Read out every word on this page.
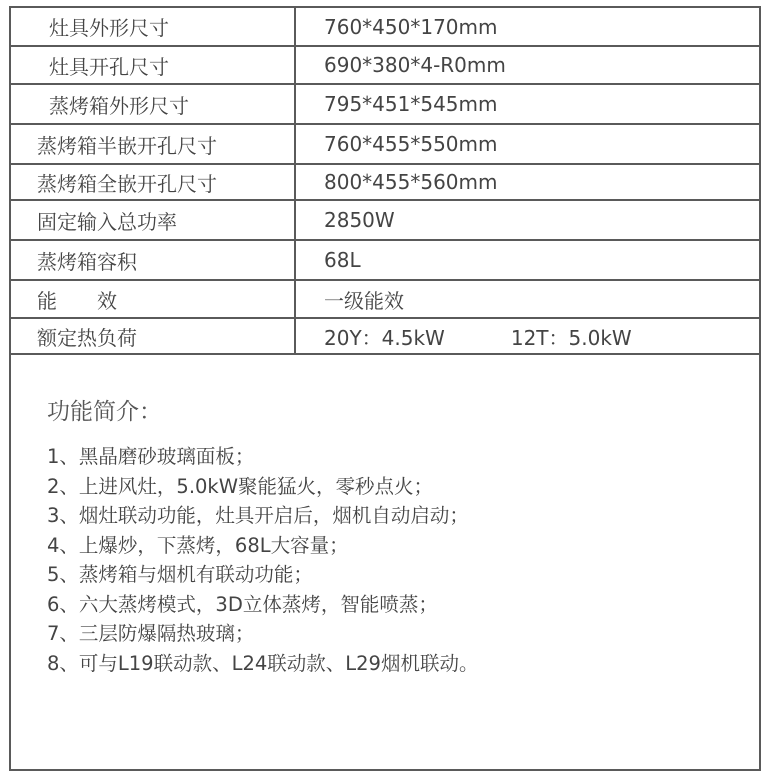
灶具外形尺寸	760*450*170mm
灶具开孔尺寸	690*380*4-R0mm
蒸烤箱外形尺寸	795*451*545mm
蒸烤箱半嵌开孔尺寸	760*455*550mm
蒸烤箱全嵌开孔尺寸	800*455*560mm
固定输入总功率	2850W
蒸烤箱容积	68L
能　　效	一级能效
额定热负荷	20Y：4.5kW 12T：5.0kW
功能简介：
1、黑晶磨砂玻璃面板；
2、上进风灶，5.0kW聚能猛火，零秒点火；
3、烟灶联动功能，灶具开启后，烟机自动启动；
4、上爆炒，下蒸烤，68L大容量；
5、蒸烤箱与烟机有联动功能；
6、六大蒸烤模式，3D立体蒸烤，智能喷蒸；
7、三层防爆隔热玻璃；
8、可与L19联动款、L24联动款、L29烟机联动。
